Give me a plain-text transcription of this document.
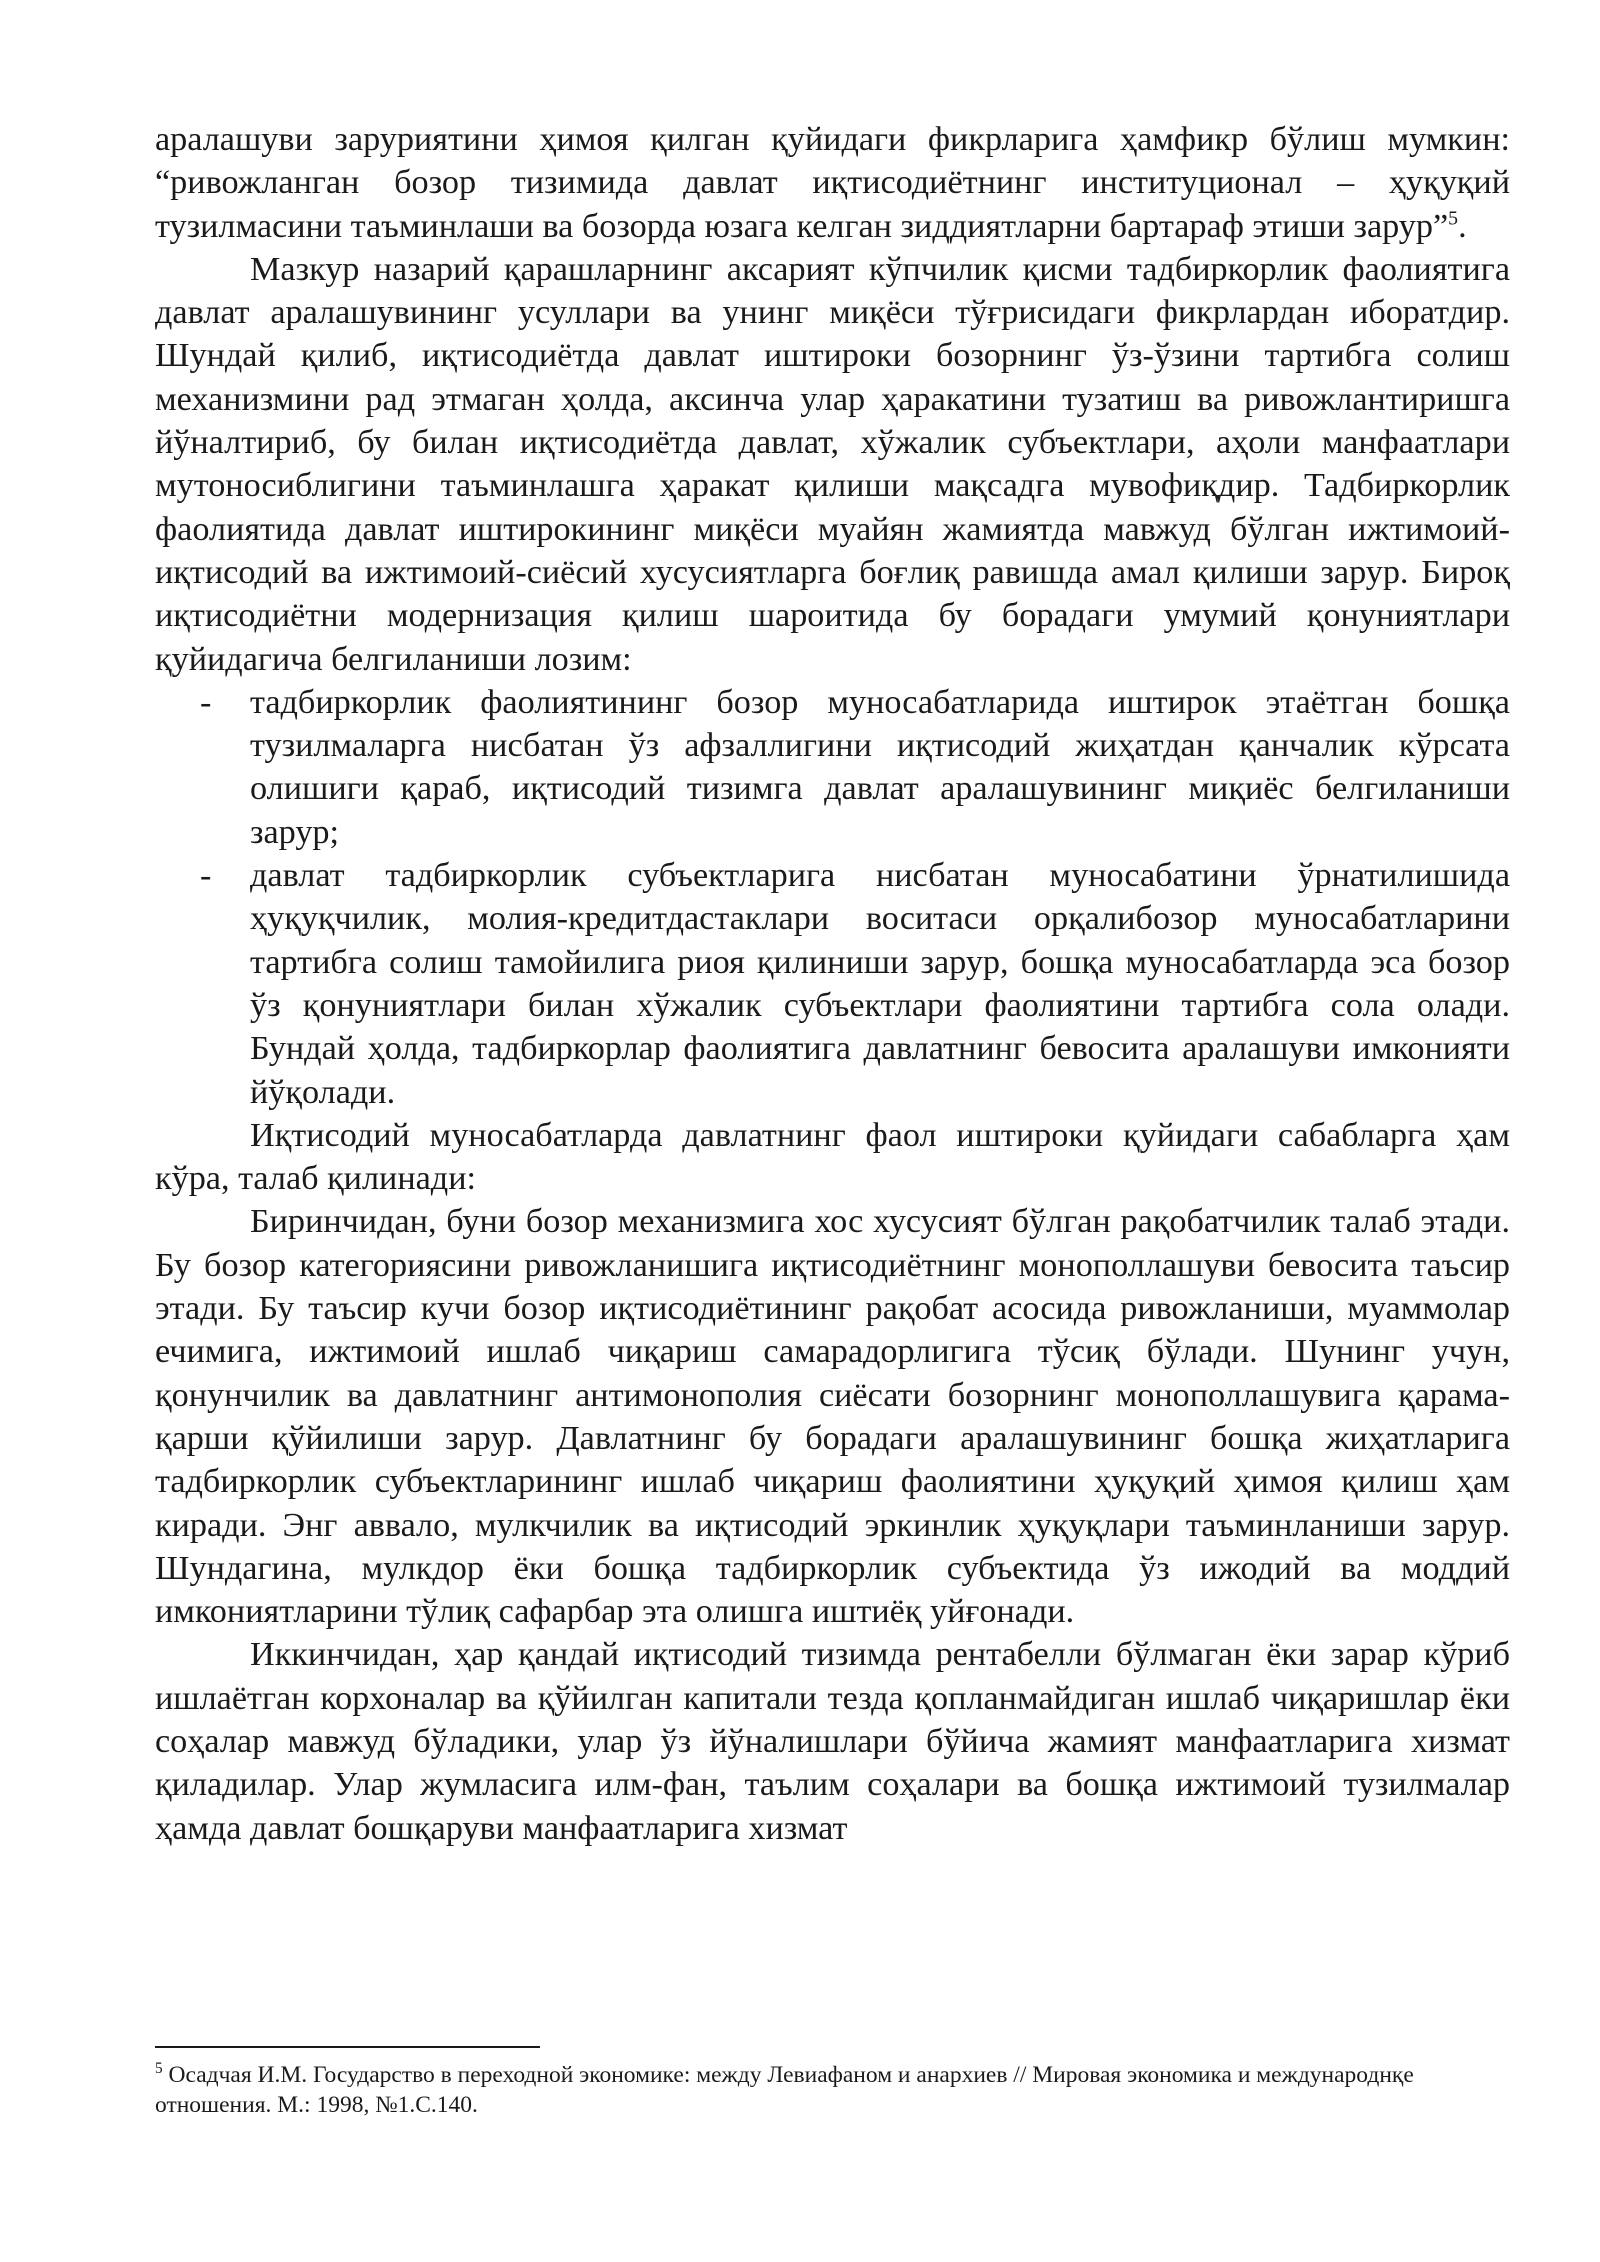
аралашуви заруриятини ҳимоя қилган қуйидаги фикрларига ҳамфикр бўлиш мумкин: “ривожланган бозор тизимида давлат иқтисодиётнинг институционал – ҳуқуқий тузилмасини таъминлаши ва бозорда юзага келган зиддиятларни бартараф этиши зарур”$^5$.

Мазкур назарий қарашларнинг аксарият кўпчилик қисми тадбиркорлик фаолиятига давлат аралашувининг усуллари ва унинг миқёси тўғрисидаги фикрлардан иборатдир. Шундай қилиб, иқтисодиётда давлат иштироки бозорнинг ўз-ўзини тартибга солиш механизмини рад этмаган ҳолда, аксинча улар ҳаракатини тузатиш ва ривожлантиришга йўналтириб, бу билан иқтисодиётда давлат, хўжалик субъектлари, аҳоли манфаатлари мутоносиблигини таъминлашга ҳаракат қилиши мақсадга мувофиқдир. Тадбиркорлик фаолиятида давлат иштирокининг миқёси муайян жамиятда мавжуд бўлган ижтимоий-иқтисодий ва ижтимоий-сиёсий хусусиятларга боғлиқ равишда амал қилиши зарур. Бироқ иқтисодиётни модернизация қилиш шароитида бу борадаги умумий қонуниятлари қуйидагича белгиланиши лозим:

- тадбиркорлик фаолиятининг бозор муносабатларида иштирок этаётган бошқа тузилмаларга нисбатан ўз афзаллигини иқтисодий жиҳатдан қанчалик кўрсата олишиги қараб, иқтисодий тизимга давлат аралашувининг миқиёс белгиланиши зарур;
- давлат тадбиркорлик субъектларига нисбатан муносабатини ўрнатилишида ҳуқуқчилик, молия-кредитдастаклари воситаси орқалибозор муносабатларини тартибга солиш тамойилига риоя қилиниши зарур, бошқа муносабатларда эса бозор ўз қонуниятлари билан хўжалик субъектлари фаолиятини тартибга сола олади. Бундай ҳолда, тадбиркорлар фаолиятига давлатнинг бевосита аралашуви имконияти йўқолади.

Иқтисодий муносабатларда давлатнинг фаол иштироки қуйидаги сабабларга ҳам кўра, талаб қилинади:

Биринчидан, буни бозор механизмига хос хусусият бўлган рақобатчилик талаб этади. Бу бозор категориясини ривожланишига иқтисодиётнинг монополлашуви бевосита таъсир этади. Бу таъсир кучи бозор иқтисодиётининг рақобат асосида ривожланиши, муаммолар ечимига, ижтимоий ишлаб чиқариш самарадорлигига тўсиқ бўлади. Шунинг учун, қонунчилик ва давлатнинг антимонополия сиёсати бозорнинг монополлашувига қарама-қарши қўйилиши зарур. Давлатнинг бу борадаги аралашувининг бошқа жиҳатларига тадбиркорлик субъектларининг ишлаб чиқариш фаолиятини ҳуқуқий ҳимоя қилиш ҳам киради. Энг аввало, мулкчилик ва иқтисодий эркинлик ҳуқуқлари таъминланиши зарур. Шундагина, мулкдор ёки бошқа тадбиркорлик субъектида ўз ижодий ва моддий имкониятларини тўлиқ сафарбар эта олишга иштиёқ уйғонади.

Иккинчидан, ҳар қандай иқтисодий тизимда рентабелли бўлмаган ёки зарар кўриб ишлаётган корхоналар ва қўйилган капитали тезда қопланмайдиган ишлаб чиқаришлар ёки соҳалар мавжуд бўладики, улар ўз йўналишлари бўйича жамият манфаатларига хизмат қиладилар. Улар жумласига илм-фан, таълим соҳалари ва бошқа ижтимоий тузилмалар ҳамда давлат бошқаруви манфаатларига хизмат

$^5$ Осадчая И.М. Государство в переходной экономике: между Левиафаном и анархиев // Мировая экономика и международнқе отношения. М.: 1998, №1.С.140.
